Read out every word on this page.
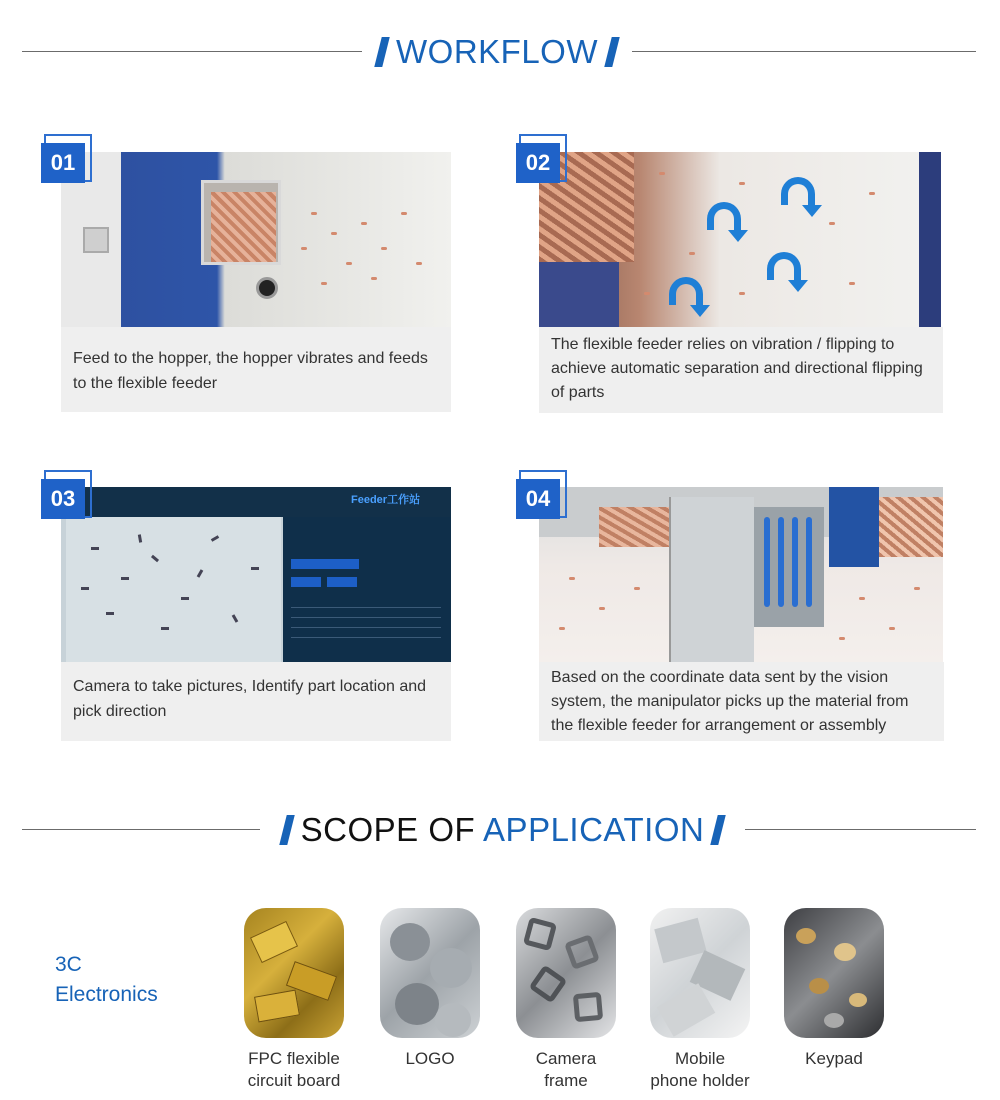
WORKFLOW
Feed to the hopper, the hopper vibrates and feeds to the flexible feeder
01
The flexible feeder relies on vibration / flipping to achieve automatic separation and directional flipping of parts
02
Feeder工作站
Camera to take pictures, Identify part location and pick direction
03
Based on the coordinate data sent by the vision system, the manipulator picks up the material from the flexible feeder for arrangement or assembly
04
SCOPE OF APPLICATION
3C
Electronics
FPC flexible
circuit board
LOGO	Camera
frame
Mobile
phone holder
Keypad
